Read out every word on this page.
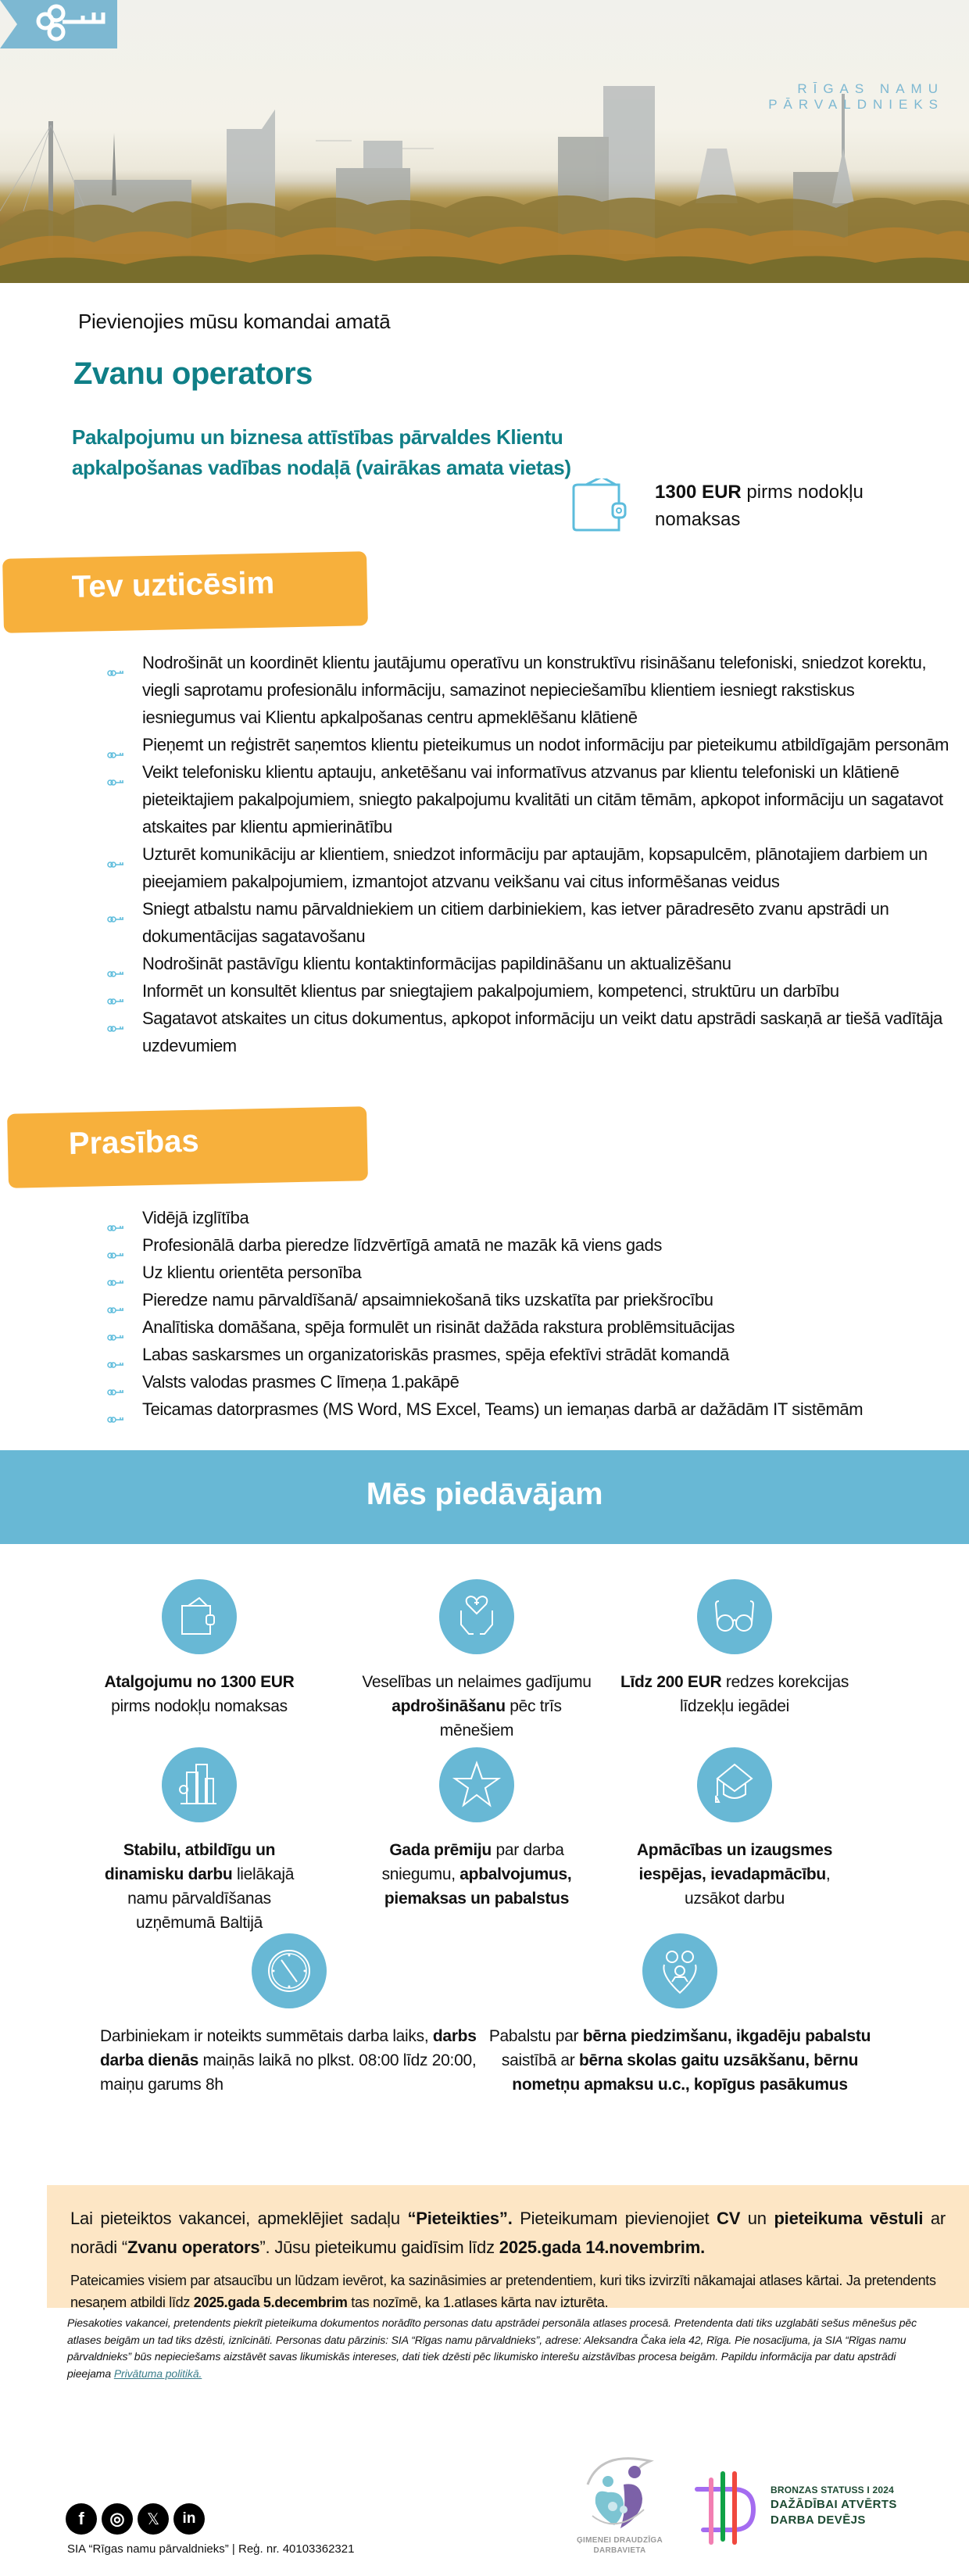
RĪGAS NAMU PĀRVALDNIEKS
Pievienojies mūsu komandai amatā
Zvanu operators
Pakalpojumu un biznesa attīstības pārvaldes Klientu apkalpošanas vadības nodaļā (vairākas amata vietas)
1300 EUR pirms nodokļu nomaksas
Tev uzticēsim
Nodrošināt un koordinēt klientu jautājumu operatīvu un konstruktīvu risināšanu telefoniski, sniedzot korektu, viegli saprotamu profesionālu informāciju, samazinot nepieciešamību klientiem iesniegt rakstiskus iesniegumus vai Klientu apkalpošanas centru apmeklēšanu klātienē
Pieņemt un reģistrēt saņemtos klientu pieteikumus un nodot informāciju par pieteikumu atbildīgajām personām
Veikt telefonisku klientu aptauju, anketēšanu vai informatīvus atzvanus par klientu telefoniski un klātienē pieteiktajiem pakalpojumiem, sniegto pakalpojumu kvalitāti un citām tēmām, apkopot informāciju un sagatavot atskaites par klientu apmierinātību
Uzturēt komunikāciju ar klientiem, sniedzot informāciju par aptaujām, kopsapulcēm, plānotajiem darbiem un pieejamiem pakalpojumiem, izmantojot atzvanu veikšanu vai citus informēšanas veidus
Sniegt atbalstu namu pārvaldniekiem un citiem darbiniekiem, kas ietver pāradresēto zvanu apstrādi un dokumentācijas sagatavošanu
Nodrošināt pastāvīgu klientu kontaktinformācijas papildināšanu un aktualizēšanu
Informēt un konsultēt klientus par sniegtajiem pakalpojumiem, kompetenci, struktūru un darbību
Sagatavot atskaites un citus dokumentus, apkopot informāciju un veikt datu apstrādi saskaņā ar tiešā vadītāja uzdevumiem
Prasības
Vidējā izglītība
Profesionālā darba pieredze līdzvērtīgā amatā ne mazāk kā viens gads
Uz klientu orientēta personība
Pieredze namu pārvaldīšanā/ apsaimniekošanā tiks uzskatīta par priekšrocību
Analītiska domāšana, spēja formulēt un risināt dažāda rakstura problēmsituācijas
Labas saskarsmes un organizatoriskās prasmes, spēja efektīvi strādāt komandā
Valsts valodas prasmes C līmeņa 1.pakāpē
Teicamas datorprasmes (MS Word, MS Excel, Teams) un iemaņas darbā ar dažādām IT sistēmām
Mēs piedāvājam
Atalgojumu no 1300 EUR pirms nodokļu nomaksas
Veselības un nelaimes gadījumu apdrošināšanu pēc trīs mēnešiem
Līdz 200 EUR redzes korekcijas līdzekļu iegādei
Stabilu, atbildīgu un dinamisku darbu lielākajā namu pārvaldīšanas uzņēmumā Baltijā
Gada prēmiju par darba sniegumu, apbalvojumus, piemaksas un pabalstus
Apmācības un izaugsmes iespējas, ievadapmācību, uzsākot darbu
Darbiniekam ir noteikts summētais darba laiks, darbs darba dienās maiņās laikā no plkst. 08:00 līdz 20:00, maiņu garums 8h
Pabalstu par bērna piedzimšanu, ikgadēju pabalstu saistībā ar bērna skolas gaitu uzsākšanu, bērnu nometņu apmaksu u.c., kopīgus pasākumus

Lai pieteiktos vakancei, apmeklējiet sadaļu “Pieteikties”. Pieteikumam pievienojiet CV un pieteikuma vēstuli ar norādi “Zvanu operators”. Jūsu pieteikumu gaidīsim līdz 2025.gada 14.novembrim.

Pateicamies visiem par atsaucību un lūdzam ievērot, ka sazināsimies ar pretendentiem, kuri tiks izvirzīti nākamajai atlases kārtai. Ja pretendents nesaņem atbildi līdz 2025.gada 5.decembrim tas nozīmē, ka 1.atlases kārta nav izturēta.

Piesakoties vakancei, pretendents piekrīt pieteikuma dokumentos norādīto personas datu apstrādei personāla atlases procesā. Pretendenta dati tiks uzglabāti sešus mēnešus pēc atlases beigām un tad tiks dzēsti, iznīcināti. Personas datu pārzinis: SIA “Rīgas namu pārvaldnieks”, adrese: Aleksandra Čaka iela 42, Rīga. Pie nosacījuma, ja SIA “Rīgas namu pārvaldnieks” būs nepieciešams aizstāvēt savas likumiskās intereses, dati tiek dzēsti pēc likumisko interešu aizstāvības procesa beigām. Papildu informācija par datu apstrādi pieejama Privātuma politikā.
f	◎	𝕏	in
SIA “Rīgas namu pārvaldnieks” | Reģ. nr. 40103362321
ĢIMENEI DRAUDZĪGA DARBAVIETA
BRONZAS STATUSS I 2024
DAŽĀDĪBAI ATVĒRTS
DARBA DEVĒJS
